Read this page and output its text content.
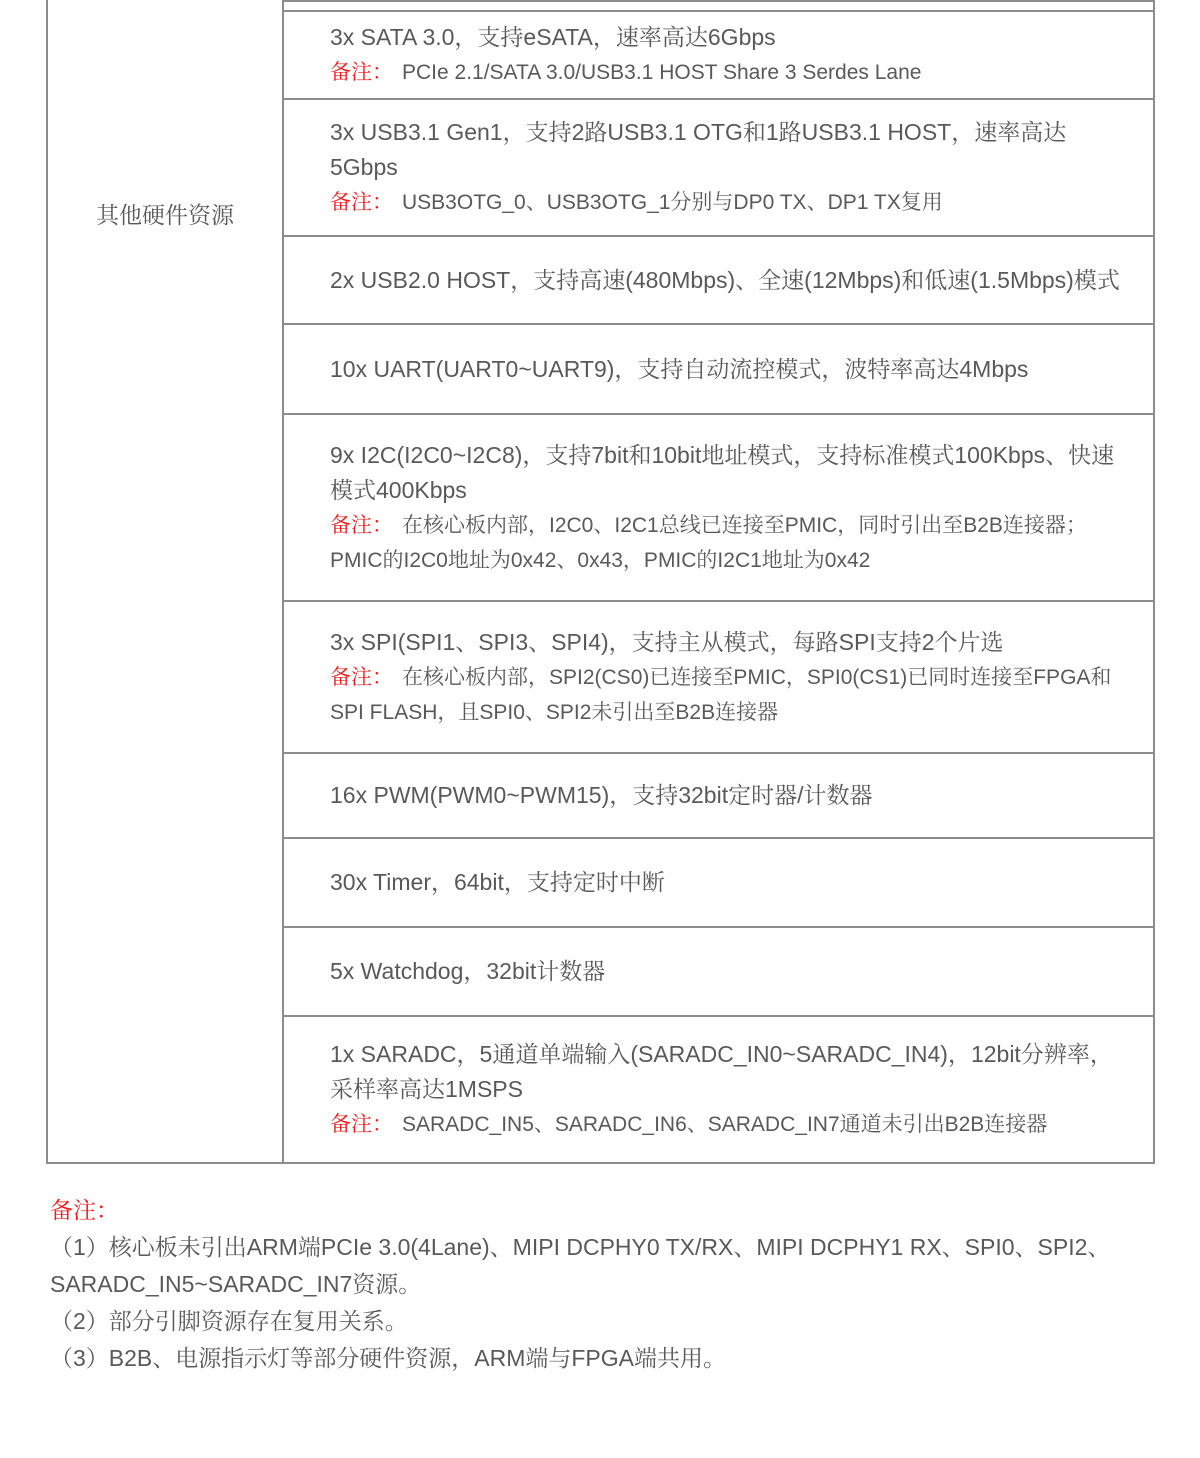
其他硬件资源
3x SATA 3.0，支持eSATA，速率高达6Gbps
备注： PCIe 2.1/SATA 3.0/USB3.1 HOST Share 3 Serdes Lane
3x USB3.1 Gen1，支持2路USB3.1 OTG和1路USB3.1 HOST，速率高达5Gbps
备注： USB3OTG_0、USB3OTG_1分别与DP0 TX、DP1 TX复用
2x USB2.0 HOST，支持高速(480Mbps)、全速(12Mbps)和低速(1.5Mbps)模式
10x UART(UART0~UART9)，支持自动流控模式，波特率高达4Mbps
9x I2C(I2C0~I2C8)，支持7bit和10bit地址模式，支持标准模式100Kbps、快速模式400Kbps
备注： 在核心板内部，I2C0、I2C1总线已连接至PMIC，同时引出至B2B连接器；PMIC的I2C0地址为0x42、0x43，PMIC的I2C1地址为0x42
3x SPI(SPI1、SPI3、SPI4)，支持主从模式，每路SPI支持2个片选
备注： 在核心板内部，SPI2(CS0)已连接至PMIC，SPI0(CS1)已同时连接至FPGA和SPI FLASH，且SPI0、SPI2未引出至B2B连接器
16x PWM(PWM0~PWM15)，支持32bit定时器/计数器
30x Timer，64bit，支持定时中断
5x Watchdog，32bit计数器
1x SARADC，5通道单端输入(SARADC_IN0~SARADC_IN4)，12bit分辨率，采样率高达1MSPS
备注： SARADC_IN5、SARADC_IN6、SARADC_IN7通道未引出B2B连接器
备注：
（1）核心板未引出ARM端PCIe 3.0(4Lane)、MIPI DCPHY0 TX/RX、MIPI DCPHY1 RX、SPI0、SPI2、SARADC_IN5~SARADC_IN7资源。
（2）部分引脚资源存在复用关系。
（3）B2B、电源指示灯等部分硬件资源，ARM端与FPGA端共用。
